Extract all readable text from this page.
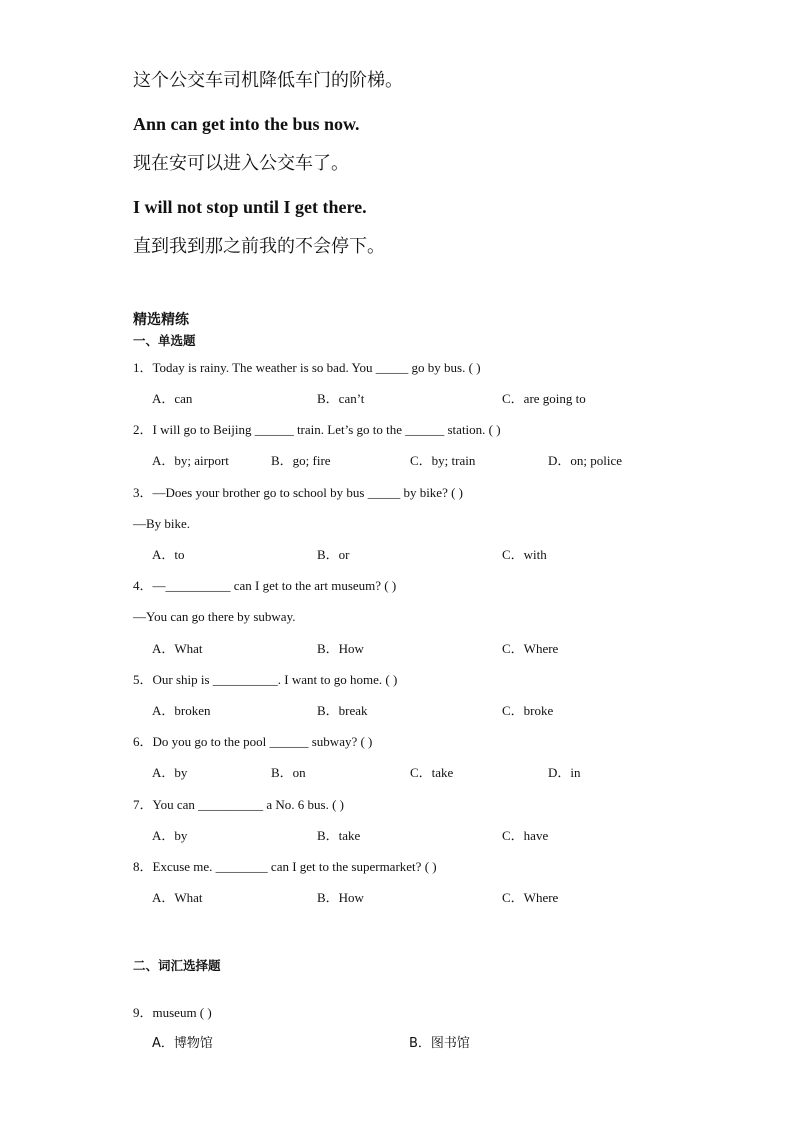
这个公交车司机降低车门的阶梯。
Ann can get into the bus now.
现在安可以进入公交车了。
I will not stop until I get there.
直到我到那之前我的不会停下。
精选精练
一、单选题
1．Today is rainy. The weather is so bad. You _____ go by bus. ( )
A．can	B．can’t	C．are going to
2．I will go to Beijing ______ train. Let’s go to the ______ station. ( )
A．by; airport	B．go; fire	C．by; train	D．on; police
3．—Does your brother go to school by bus _____ by bike? ( )
—By bike.
A．to	B．or	C．with
4．—__________ can I get to the art museum? ( )
—You can go there by subway.
A．What	B．How	C．Where
5．Our ship is __________. I want to go home. ( )
A．broken	B．break	C．broke
6．Do you go to the pool ______ subway? ( )
A．by	B．on	C．take	D．in
7．You can __________ a No. 6 bus. ( )
A．by	B．take	C．have
8．Excuse me. ________ can I get to the supermarket? ( )
A．What	B．How	C．Where
二、词汇选择题
9．museum ( )
A．博物馆	B．图书馆
